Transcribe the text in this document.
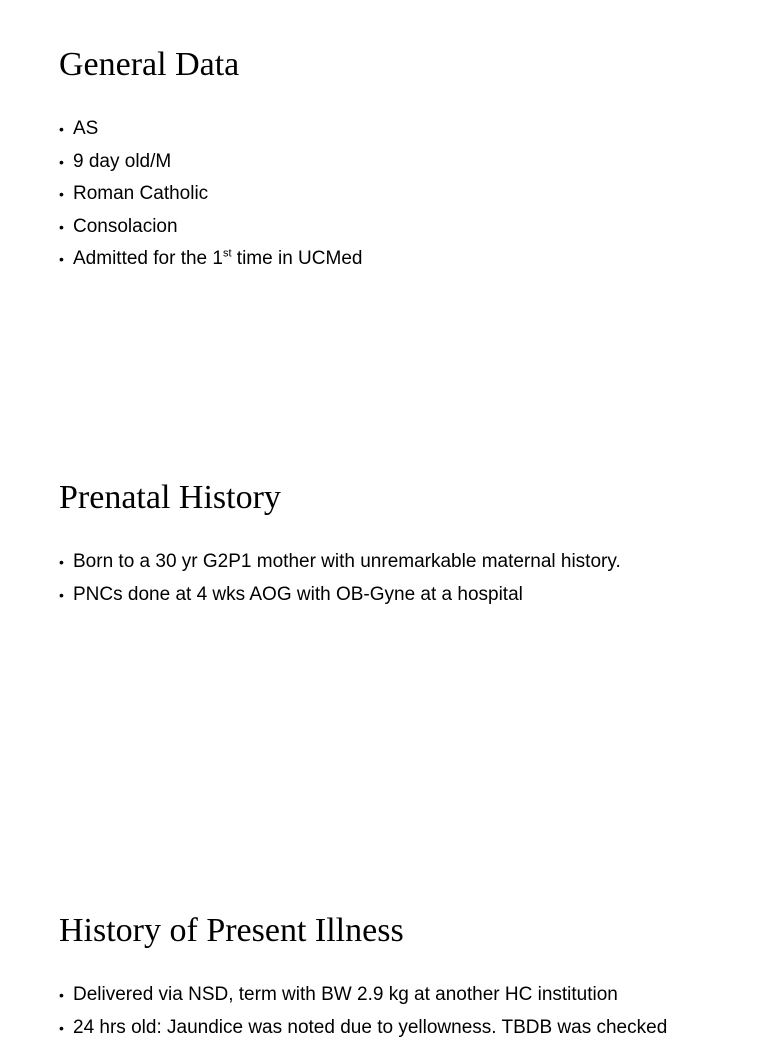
General Data
• AS
• 9 day old/M
• Roman Catholic
• Consolacion
• Admitted for the 1st time in UCMed
Prenatal History
• Born to a 30 yr G2P1 mother with unremarkable maternal history.
• PNCs done at 4 wks AOG with OB-Gyne at a hospital
History of Present Illness
• Delivered via NSD, term with BW 2.9 kg at another HC institution
• 24 hrs old: Jaundice was noted due to yellowness. TBDB was checked
